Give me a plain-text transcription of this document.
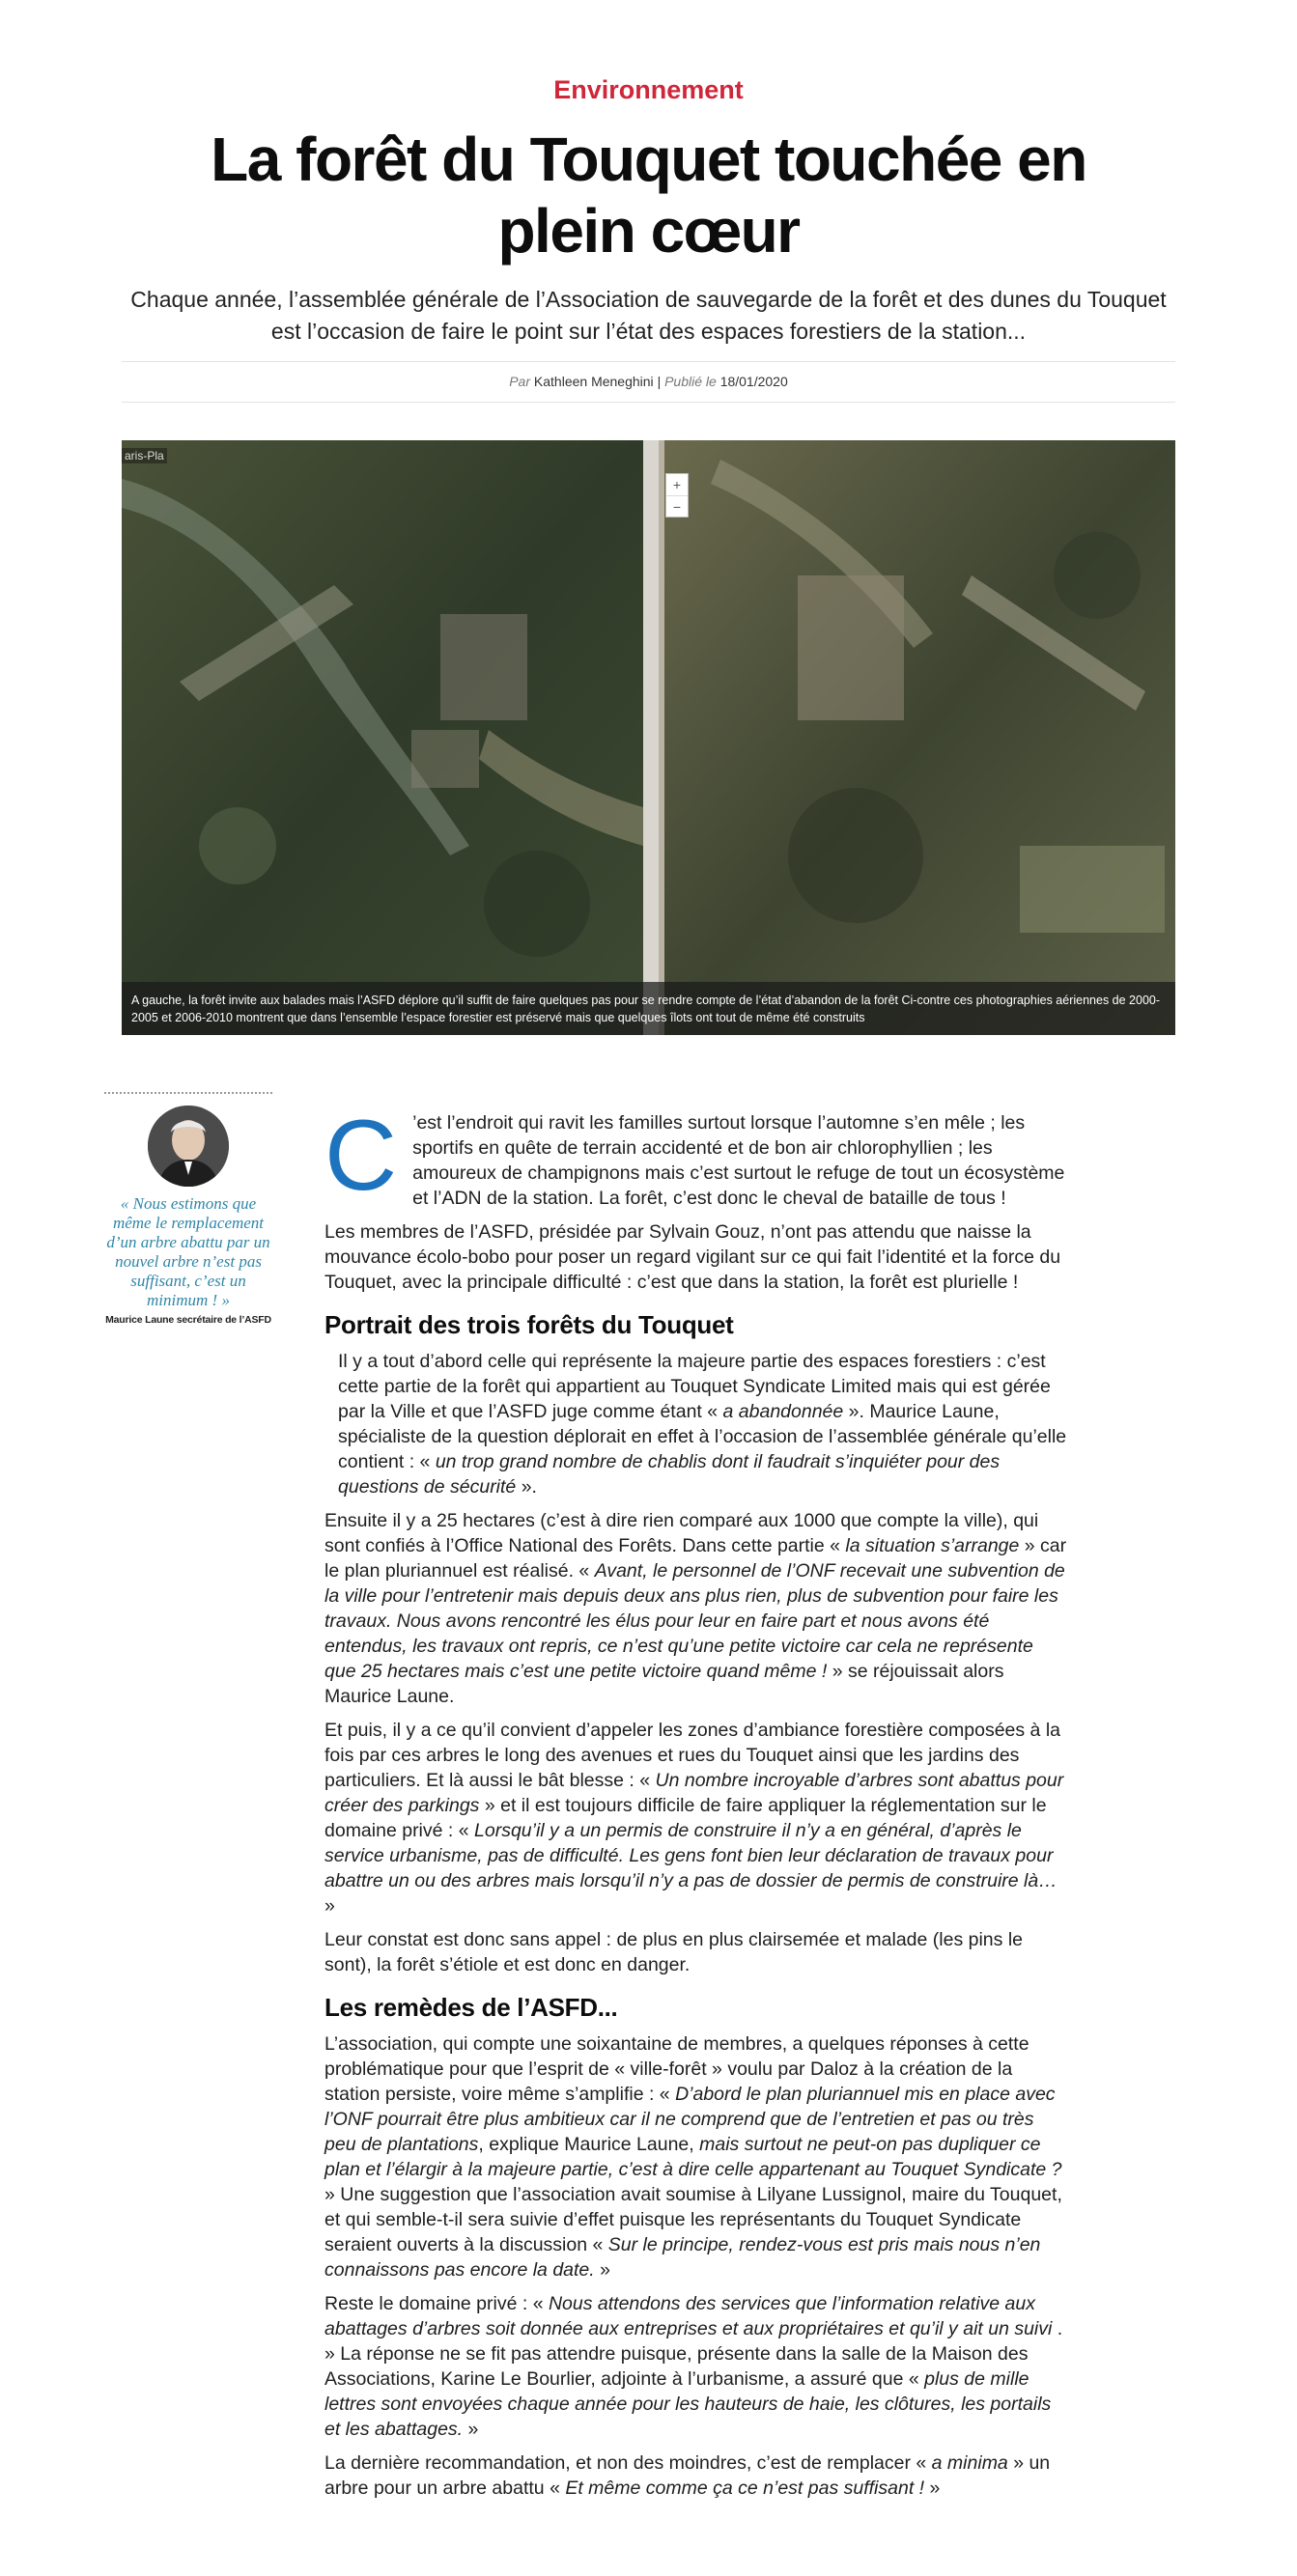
Environnement
La forêt du Touquet touchée en plein cœur

Chaque année, l’assemblée générale de l’Association de sauvegarde de la forêt et des dunes du Touquet est l’occasion de faire le point sur l’état des espaces forestiers de la station...

Par Kathleen Meneghini | Publié le 18/01/2020
aris-Pla
+
−
A gauche, la forêt invite aux balades mais l’ASFD déplore qu’il suffit de faire quelques pas pour se rendre compte de l’état d’abandon de la forêt Ci-contre ces photographies aériennes de 2000-2005 et 2006-2010 montrent que dans l’ensemble l’espace forestier est préservé mais que quelques îlots ont tout de même été construits
« Nous estimons que même le remplacement d’un arbre abattu par un nouvel arbre n’est pas suffisant, c’est un minimum ! »
Maurice Laune secrétaire de l’ASFD

C ’est l’endroit qui ravit les familles surtout lorsque l’automne s’en mêle ; les sportifs en quête de terrain accidenté et de bon air chlorophyllien ; les amoureux de champignons mais c’est surtout le refuge de tout un écosystème et l’ADN de la station. La forêt, c’est donc le cheval de bataille de tous !

Les membres de l’ASFD, présidée par Sylvain Gouz, n’ont pas attendu que naisse la mouvance écolo-bobo pour poser un regard vigilant sur ce qui fait l’identité et la force du Touquet, avec la principale difficulté : c’est que dans la station, la forêt est plurielle !

Portrait des trois forêts du Touquet

Il y a tout d’abord celle qui représente la majeure partie des espaces forestiers : c’est cette partie de la forêt qui appartient au Touquet Syndicate Limited mais qui est gérée par la Ville et que l’ASFD juge comme étant « a abandonnée ». Maurice Laune, spécialiste de la question déplorait en effet à l’occasion de l’assemblée générale qu’elle contient : « un trop grand nombre de chablis dont il faudrait s’inquiéter pour des questions de sécurité ».

Ensuite il y a 25 hectares (c’est à dire rien comparé aux 1000 que compte la ville), qui sont confiés à l’Office National des Forêts. Dans cette partie « la situation s’arrange » car le plan pluriannuel est réalisé. « Avant, le personnel de l’ONF recevait une subvention de la ville pour l’entretenir mais depuis deux ans plus rien, plus de subvention pour faire les travaux. Nous avons rencontré les élus pour leur en faire part et nous avons été entendus, les travaux ont repris, ce n’est qu’une petite victoire car cela ne représente que 25 hectares mais c’est une petite victoire quand même ! » se réjouissait alors Maurice Laune.

Et puis, il y a ce qu’il convient d’appeler les zones d’ambiance forestière composées à la fois par ces arbres le long des avenues et rues du Touquet ainsi que les jardins des particuliers. Et là aussi le bât blesse : « Un nombre incroyable d’arbres sont abattus pour créer des parkings » et il est toujours difficile de faire appliquer la réglementation sur le domaine privé : « Lorsqu’il y a un permis de construire il n’y a en général, d’après le service urbanisme, pas de difficulté. Les gens font bien leur déclaration de travaux pour abattre un ou des arbres mais lorsqu’il n’y a pas de dossier de permis de construire là… »

Leur constat est donc sans appel : de plus en plus clairsemée et malade (les pins le sont), la forêt s’étiole et est donc en danger.

Les remèdes de l’ASFD...

L’association, qui compte une soixantaine de membres, a quelques réponses à cette problématique pour que l’esprit de « ville-forêt » voulu par Daloz à la création de la station persiste, voire même s’amplifie : « D’abord le plan pluriannuel mis en place avec l’ONF pourrait être plus ambitieux car il ne comprend que de l’entretien et pas ou très peu de plantations, explique Maurice Laune, mais surtout ne peut-on pas dupliquer ce plan et l’élargir à la majeure partie, c’est à dire celle appartenant au Touquet Syndicate ? » Une suggestion que l’association avait soumise à Lilyane Lussignol, maire du Touquet, et qui semble-t-il sera suivie d’effet puisque les représentants du Touquet Syndicate seraient ouverts à la discussion « Sur le principe, rendez-vous est pris mais nous n’en connaissons pas encore la date. »

Reste le domaine privé : « Nous attendons des services que l’information relative aux abattages d’arbres soit donnée aux entreprises et aux propriétaires et qu’il y ait un suivi . » La réponse ne se fit pas attendre puisque, présente dans la salle de la Maison des Associations, Karine Le Bourlier, adjointe à l’urbanisme, a assuré que « plus de mille lettres sont envoyées chaque année pour les hauteurs de haie, les clôtures, les portails et les abattages. »

La dernière recommandation, et non des moindres, c’est de remplacer « a minima » un arbre pour un arbre abattu « Et même comme ça ce n’est pas suffisant ! »
